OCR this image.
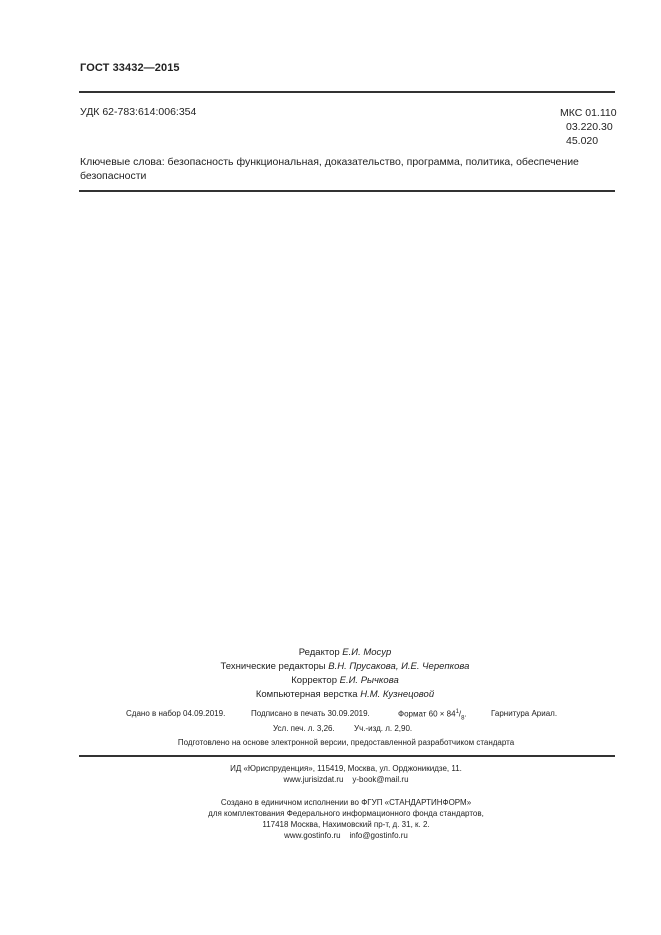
ГОСТ 33432—2015
УДК 62-783:614:006:354	МКС 01.110
03.220.30
45.020
Ключевые слова: безопасность функциональная, доказательство, программа, политика, обеспечение безопасности
Редактор Е.И. Мосур
Технические редакторы В.Н. Прусакова, И.Е. Черепкова
Корректор Е.И. Рычкова
Компьютерная верстка Н.М. Кузнецовой
Сдано в набор 04.09.2019.	Подписано в печать 30.09.2019.	Формат $60 \times 84^1/_8$.	Гарнитура Ариал.
Усл. печ. л. 3,26. Уч.-изд. л. 2,90.
Подготовлено на основе электронной версии, предоставленной разработчиком стандарта
ИД «Юриспруденция», 115419, Москва, ул. Орджоникидзе, 11.
www.jurisizdat.ru    y-book@mail.ru
Создано в единичном исполнении во ФГУП «СТАНДАРТИНФОРМ»
для комплектования Федерального информационного фонда стандартов,
117418 Москва, Нахимовский пр-т, д. 31, к. 2.
www.gostinfo.ru    info@gostinfo.ru
